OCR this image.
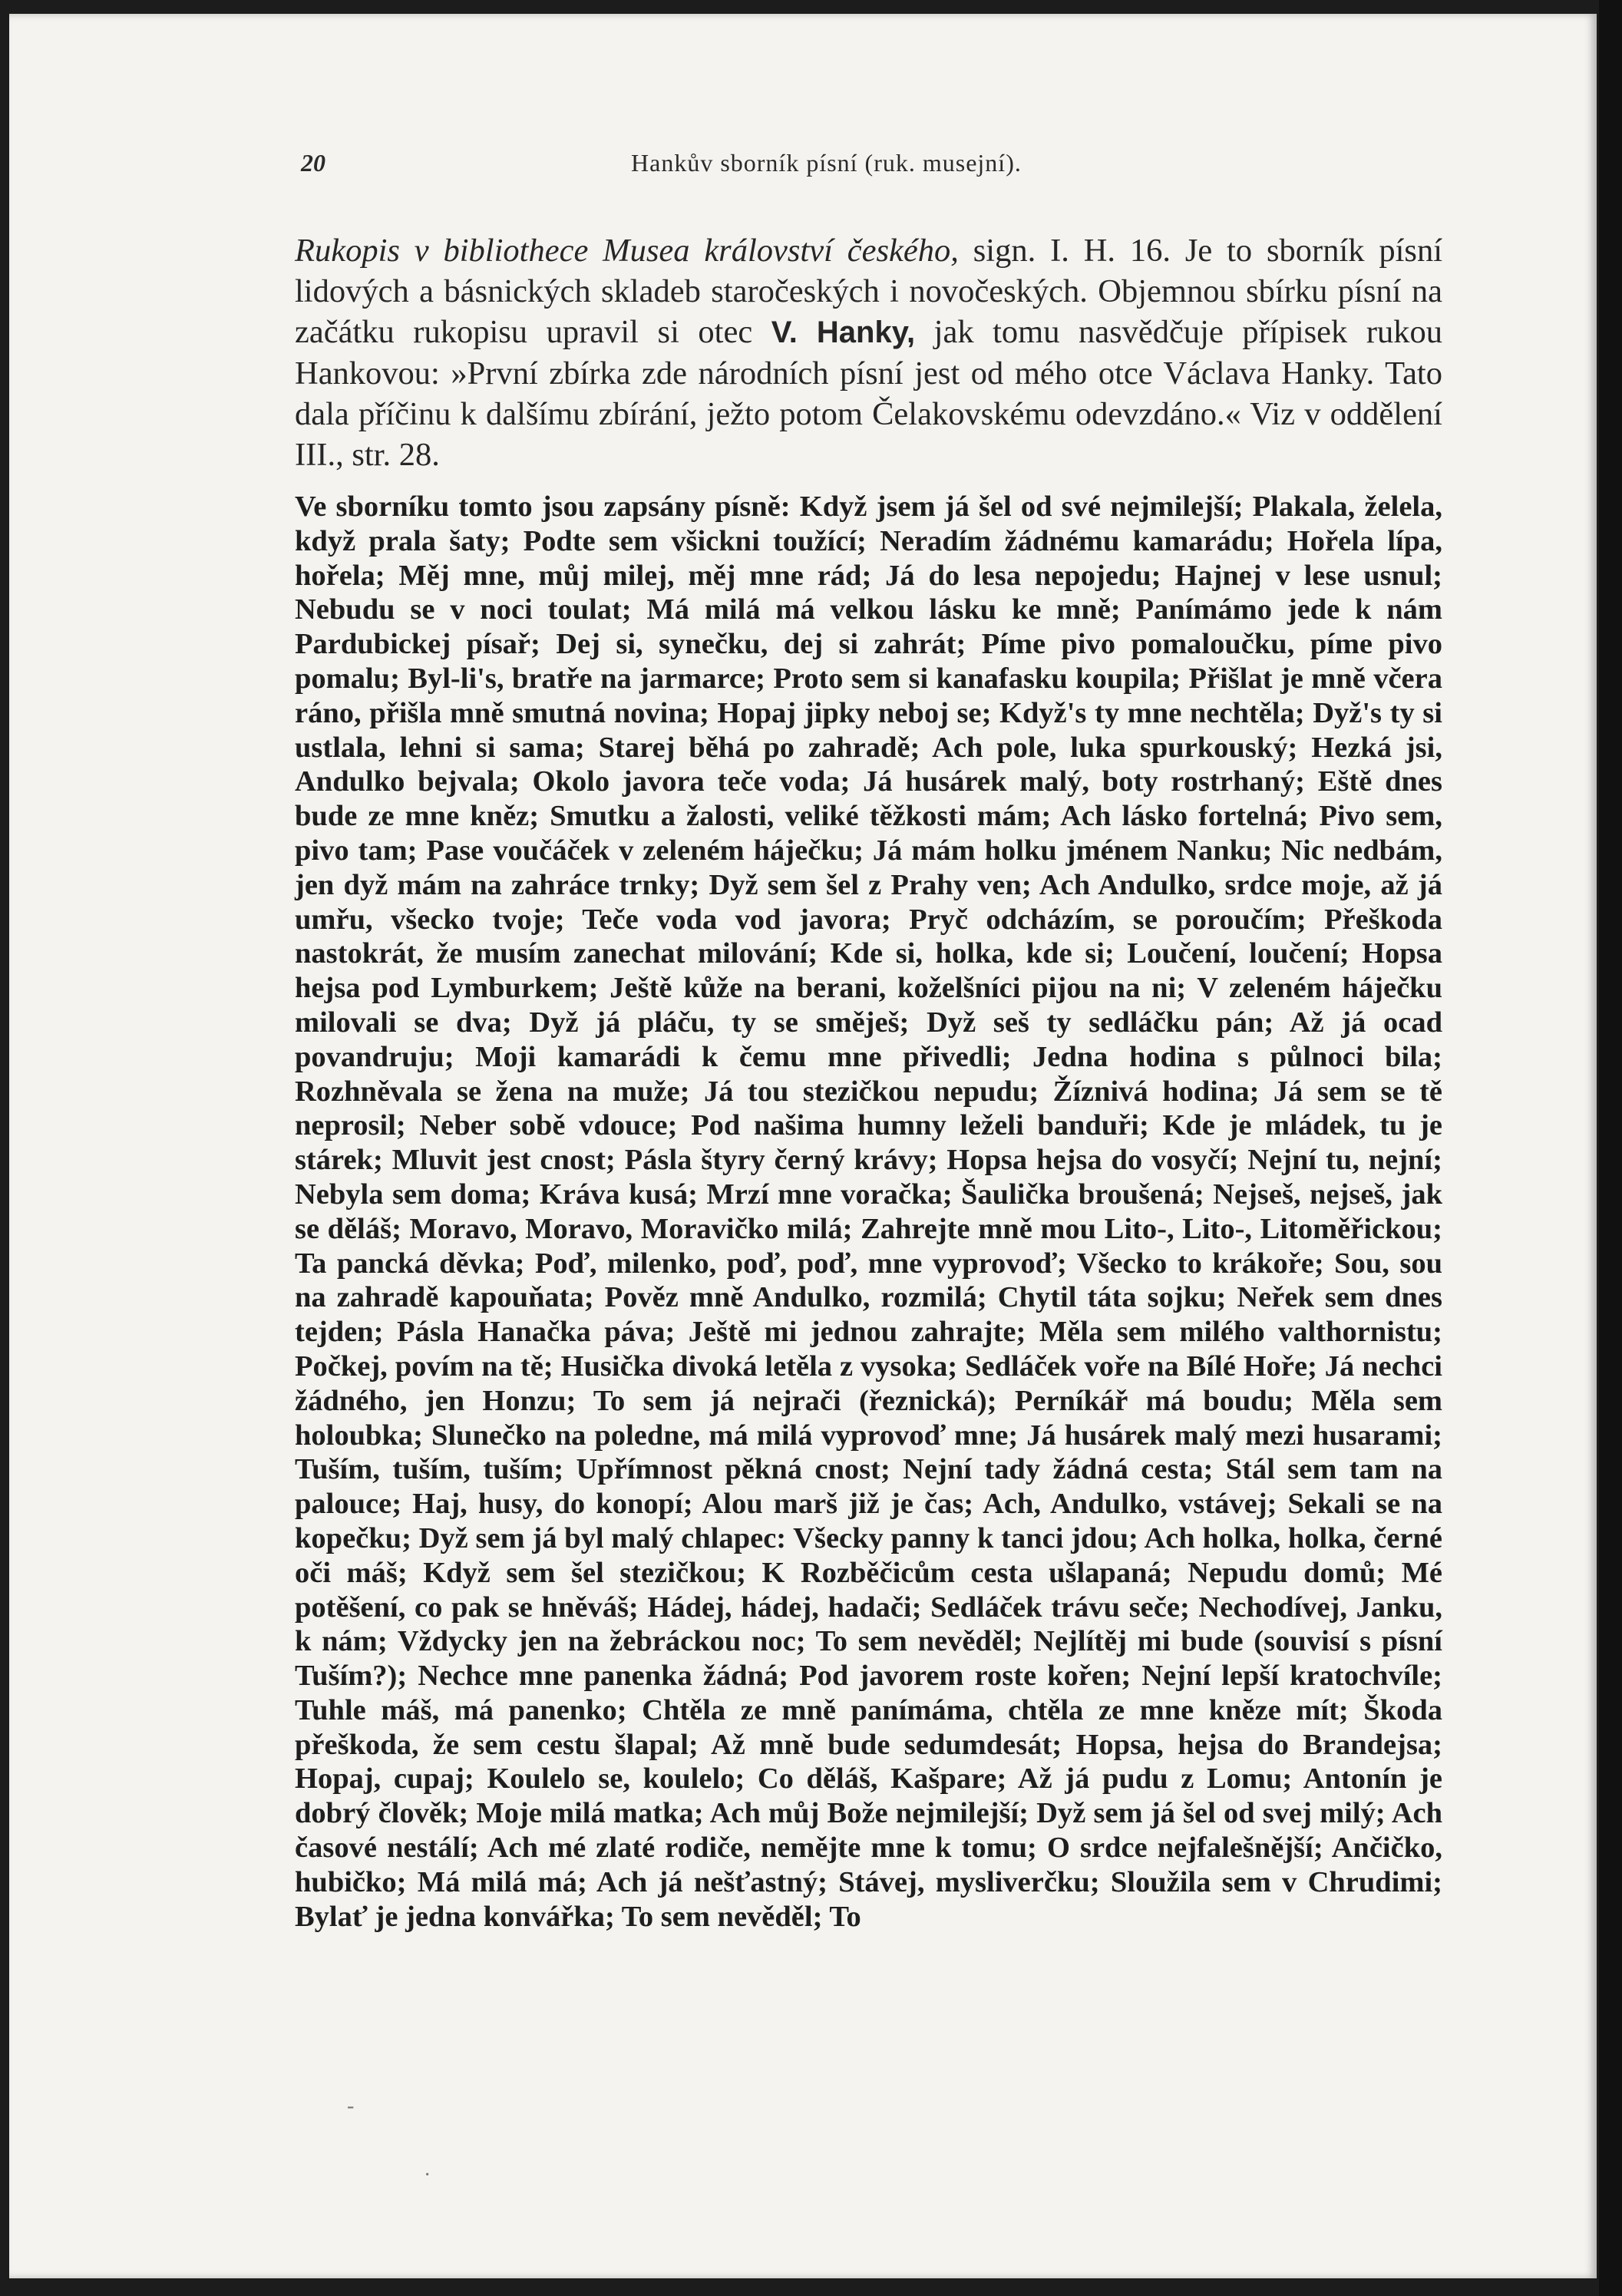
20	Hankův sborník písní (ruk. musejní).
Rukopis v bibliothece Musea království českého, sign. I. H. 16. Je to sborník písní lidových a básnických skladeb staročeských i novočeských. Objemnou sbírku písní na začátku rukopisu upravil si otec V. Hanky, jak tomu nasvědčuje přípisek rukou Hankovou: »První zbírka zde národních písní jest od mého otce Václava Hanky. Tato dala příčinu k dalšímu zbírání, ježto potom Čelakovskému odevzdáno.« Viz v oddělení III., str. 28.
Ve sborníku tomto jsou zapsány písně: Když jsem já šel od své nejmilejší; Plakala, želela, když prala šaty; Podte sem všickni toužící; Neradím žádnému kamarádu; Hořela lípa, hořela; Měj mne, můj milej, měj mne rád; Já do lesa nepojedu; Hajnej v lese usnul; Nebudu se v noci toulat; Má milá má velkou lásku ke mně; Panímámo jede k nám Pardubickej písař; Dej si, synečku, dej si zahrát; Píme pivo pomaloučku, píme pivo pomalu; Byl-li's, bratře na jarmarce; Proto sem si kanafasku koupila; Přišlat je mně včera ráno, přišla mně smutná novina; Hopaj jipky neboj se; Když's ty mne nechtěla; Dyž's ty si ustlala, lehni si sama; Starej běhá po zahradě; Ach pole, luka spurkouský; Hezká jsi, Andulko bejvala; Okolo javora teče voda; Já husárek malý, boty rostrhaný; Eště dnes bude ze mne kněz; Smutku a žalosti, veliké těžkosti mám; Ach lásko fortelná; Pivo sem, pivo tam; Pase voučáček v zeleném háječku; Já mám holku jménem Nanku; Nic nedbám, jen dyž mám na zahráce trnky; Dyž sem šel z Prahy ven; Ach Andulko, srdce moje, až já umřu, všecko tvoje; Teče voda vod javora; Pryč odcházím, se poroučím; Přeškoda nastokrát, že musím zanechat milování; Kde si, holka, kde si; Loučení, loučení; Hopsa hejsa pod Lymburkem; Ještě kůže na berani, koželšníci pijou na ni; V zeleném háječku milovali se dva; Dyž já pláču, ty se směješ; Dyž seš ty sedláčku pán; Až já ocad povandruju; Moji kamarádi k čemu mne přivedli; Jedna hodina s půlnoci bila; Rozhněvala se žena na muže; Já tou stezičkou nepudu; Žíznivá hodina; Já sem se tě neprosil; Neber sobě vdouce; Pod našima humny leželi banduři; Kde je mládek, tu je stárek; Mluvit jest cnost; Pásla štyry černý krávy; Hopsa hejsa do vosyčí; Nejní tu, nejní; Nebyla sem doma; Kráva kusá; Mrzí mne voračka; Šaulička broušená; Nejseš, nejseš, jak se děláš; Moravo, Moravo, Moravičko milá; Zahrejte mně mou Lito-, Lito-, Litoměřickou; Ta pancká děvka; Poď, milenko, poď, poď, mne vyprovoď; Všecko to krákoře; Sou, sou na zahradě kapouňata; Pověz mně Andulko, rozmilá; Chytil táta sojku; Neřek sem dnes tejden; Pásla Hanačka páva; Ještě mi jednou zahrajte; Měla sem milého valthornistu; Počkej, povím na tě; Husička divoká letěla z vysoka; Sedláček voře na Bílé Hoře; Já nechci žádného, jen Honzu; To sem já nejrači (řeznická); Perníkář má boudu; Měla sem holoubka; Slunečko na poledne, má milá vyprovoď mne; Já husárek malý mezi husarami; Tuším, tuším, tuším; Upřímnost pěkná cnost; Nejní tady žádná cesta; Stál sem tam na palouce; Haj, husy, do konopí; Alou marš již je čas; Ach, Andulko, vstávej; Sekali se na kopečku; Dyž sem já byl malý chlapec: Všecky panny k tanci jdou; Ach holka, holka, černé oči máš; Když sem šel stezičkou; K Rozběčicům cesta ušlapaná; Nepudu domů; Mé potěšení, co pak se hněváš; Hádej, hádej, hadači; Sedláček trávu seče; Nechodívej, Janku, k nám; Vždycky jen na žebráckou noc; To sem nevěděl; Nejlítěj mi bude (souvisí s písní Tuším?); Nechce mne panenka žádná; Pod javorem roste kořen; Nejní lepší kratochvíle; Tuhle máš, má panenko; Chtěla ze mně panímáma, chtěla ze mne kněze mít; Škoda přeškoda, že sem cestu šlapal; Až mně bude sedumdesát; Hopsa, hejsa do Brandejsa; Hopaj, cupaj; Koulelo se, koulelo; Co děláš, Kašpare; Až já pudu z Lomu; Antonín je dobrý člověk; Moje milá matka; Ach můj Bože nejmilejší; Dyž sem já šel od svej milý; Ach časové nestálí; Ach mé zlaté rodiče, nemějte mne k tomu; O srdce nejfalešnější; Ančičko, hubičko; Má milá má; Ach já nešťastný; Stávej, mysliverčku; Sloužila sem v Chrudimi; Bylať je jedna konvářka; To sem nevěděl; To
-
·
